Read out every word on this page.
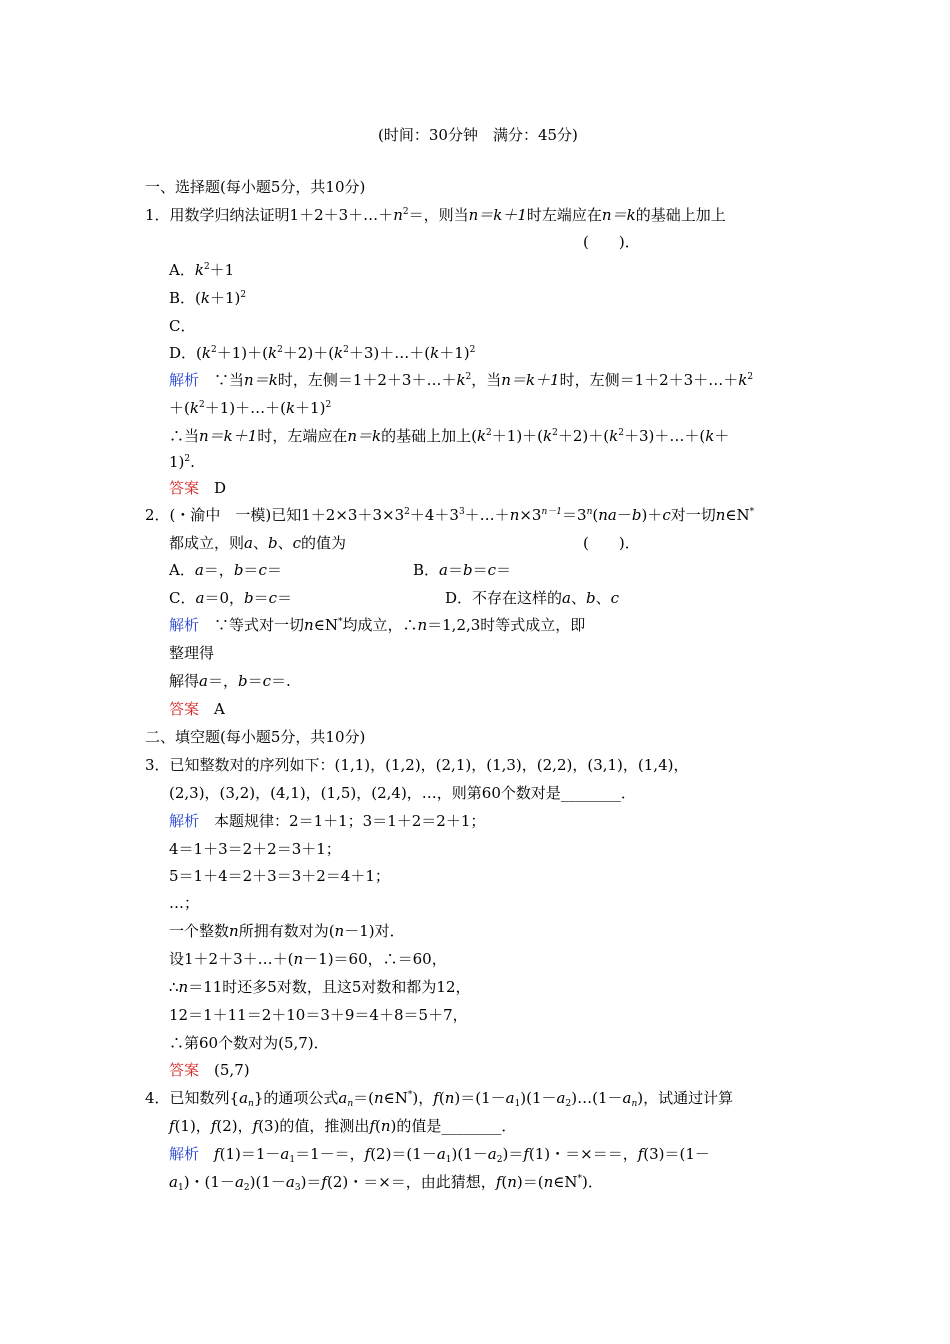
(时间：30分钟　满分：45分)
一、选择题(每小题5分，共10分)
1．用数学归纳法证明$1+2+3+\dots+n^2=$，则当n＝k＋1时左端应在n＝k的基础上加上
(　　)．
A．$k^2+1$
B．$(k+1)^2$
C．
D．$(k^2+1)+(k^2+2)+(k^2+3)+\dots+(k+1)^2$
解析　 ∵当n＝k时，左侧$=1+2+3+\dots+k^2$，当n＝k＋1时，左侧$=1+2+3+\dots+k^2$
$+(k^2+1)+\dots+(k+1)^2$
∴当n＝k＋1时，左端应在n＝k的基础上加上$(k^2+1)+(k^2+2)+(k^2+3)+\dots+(k+$
1)$^2$.
答案　 D
2．(・渝中　一模)已知$1+2\times 3+3\times 3^2+4+3^3+\dots+n\times 3^{n-1}=3^n(na-b)+c$对一切n∈N*
都成立，则a、b、c的值为	(　　)．
A．a＝，b＝c＝	B．a＝b＝c＝
C．a＝0，b＝c＝	D．不存在这样的a、b、c
解析　 ∵等式对一切n∈N*均成立，∴n＝1,2,3时等式成立，即
整理得
解得a＝，b＝c＝.
答案　 A
二、填空题(每小题5分，共10分)
3．已知整数对的序列如下：(1,1)，(1,2)，(2,1)，(1,3)，(2,2)，(3,1)，(1,4)，
(2,3)，(3,2)，(4,1)，(1,5)，(2,4)，…，则第60个数对是________．
解析　 本题规律：2＝1＋1；3＝1＋2＝2＋1；
4＝1＋3＝2＋2＝3＋1；
5＝1＋4＝2＋3＝3＋2＝4＋1；
…；
一个整数n所拥有数对为(n－1)对．
设1＋2＋3＋…＋(n－1)＝60，∴＝60，
∴n＝11时还多5对数，且这5对数和都为12，
12＝1＋11＝2＋10＝3＋9＝4＋8＝5＋7，
∴第60个数对为(5,7)．
答案　 (5,7)
4．已知数列$\{a_n\}$的通项公式$a_n=(n\in N^*)$，$f(n)=(1-a_1)(1-a_2)\dots(1-a_n)$，试通过计算
f(1)，f(2)，f(3)的值，推测出f(n)的值是________．
解析　 $f(1)=1-a_1=1-=$，$f(2)=(1-a_1)(1-a_2)=f(1)$・＝×＝＝，f(3)＝(1－
$a_1$)・$(1-a_2)(1-a_3)=f(2)$・＝×＝，由此猜想，f(n)＝(n∈N*)．
